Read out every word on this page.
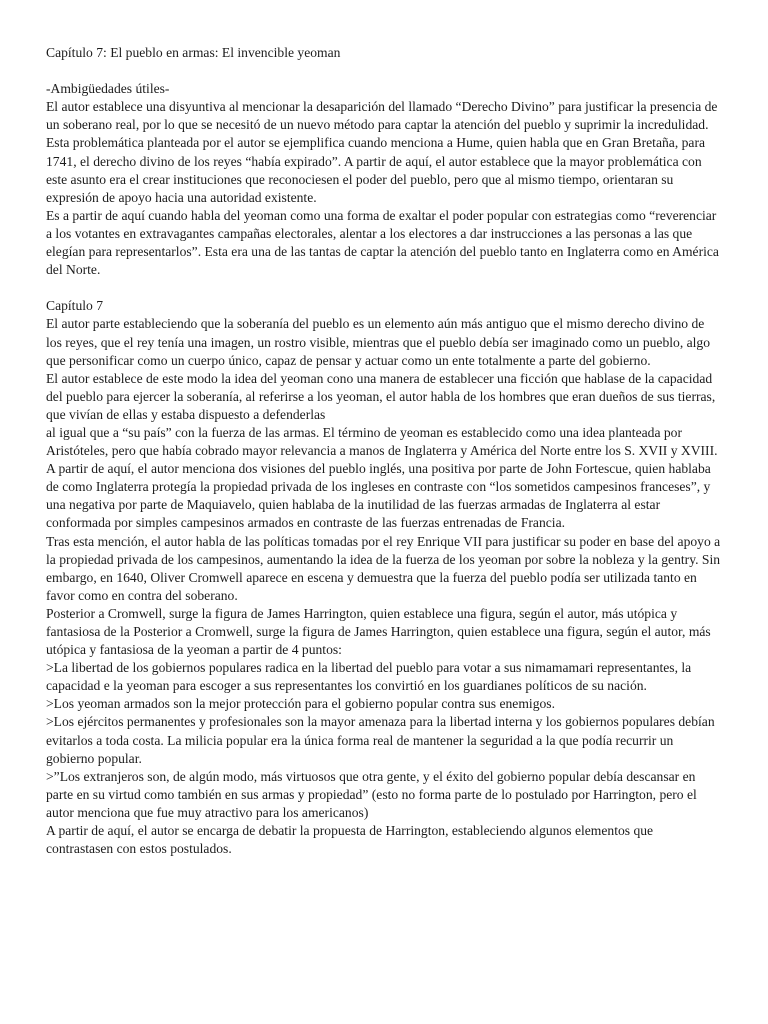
Capítulo 7: El pueblo en armas: El invencible yeoman

-Ambigüedades útiles-

El autor establece una disyuntiva al mencionar la desaparición del llamado “Derecho Divino” para justificar la presencia de un soberano real, por lo que se necesitó de un nuevo método para captar la atención del pueblo y suprimir la incredulidad.

Esta problemática planteada por el autor se ejemplifica cuando menciona a Hume, quien habla que en Gran Bretaña, para 1741, el derecho divino de los reyes “había expirado”. A partir de aquí, el autor establece que la mayor problemática con este asunto era el crear instituciones que reconociesen el poder del pueblo, pero que al mismo tiempo, orientaran su expresión de apoyo hacia una autoridad existente.

Es a partir de aquí cuando habla del yeoman como una forma de exaltar el poder popular con estrategias como “reverenciar a los votantes en extravagantes campañas electorales, alentar a los electores a dar instrucciones a las personas a las que elegían para representarlos”. Esta era una de las tantas de captar la atención del pueblo tanto en Inglaterra como en América del Norte.

Capítulo 7

El autor parte estableciendo que la soberanía del pueblo es un elemento aún más antiguo que el mismo derecho divino de los reyes, que el rey tenía una imagen, un rostro visible, mientras que el pueblo debía ser imaginado como un pueblo, algo que personificar como un cuerpo único, capaz de pensar y actuar como un ente totalmente a parte del gobierno.

El autor establece de este modo la idea del yeoman cono una manera de establecer una ficción que hablase de la capacidad del pueblo para ejercer la soberanía, al referirse a los yeoman, el autor habla de los hombres que eran dueños de sus tierras, que vivían de ellas y estaba dispuesto a defenderlas

al igual que a “su país” con la fuerza de las armas. El término de yeoman es establecido como una idea planteada por Aristóteles, pero que había cobrado mayor relevancia a manos de Inglaterra y América del Norte entre los S. XVII y XVIII.

A partir de aquí, el autor menciona dos visiones del pueblo inglés, una positiva por parte de John Fortescue, quien hablaba de como Inglaterra protegía la propiedad privada de los ingleses en contraste con “los sometidos campesinos franceses”, y una negativa por parte de Maquiavelo, quien hablaba de la inutilidad de las fuerzas armadas de Inglaterra al estar conformada por simples campesinos armados en contraste de las fuerzas entrenadas de Francia.

Tras esta mención, el autor habla de las políticas tomadas por el rey Enrique VII para justificar su poder en base del apoyo a la propiedad privada de los campesinos, aumentando la idea de la fuerza de los yeoman por sobre la nobleza y la gentry. Sin embargo, en 1640, Oliver Cromwell aparece en escena y demuestra que la fuerza del pueblo podía ser utilizada tanto en favor como en contra del soberano.

Posterior a Cromwell, surge la figura de James Harrington, quien establece una figura, según el autor, más utópica y fantasiosa de la Posterior a Cromwell, surge la figura de James Harrington, quien establece una figura, según el autor, más utópica y fantasiosa de la yeoman a partir de 4 puntos:

>La libertad de los gobiernos populares radica en la libertad del pueblo para votar a sus nimamamari representantes, la capacidad e la yeoman para escoger a sus representantes los convirtió en los guardianes políticos de su nación.

>Los yeoman armados son la mejor protección para el gobierno popular contra sus enemigos.

>Los ejércitos permanentes y profesionales son la mayor amenaza para la libertad interna y los gobiernos populares debían evitarlos a toda costa. La milicia popular era la única forma real de mantener la seguridad a la que podía recurrir un gobierno popular.

>”Los extranjeros son, de algún modo, más virtuosos que otra gente, y el éxito del gobierno popular debía descansar en parte en su virtud como también en sus armas y propiedad” (esto no forma parte de lo postulado por Harrington, pero el autor menciona que fue muy atractivo para los americanos)

A partir de aquí, el autor se encarga de debatir la propuesta de Harrington, estableciendo algunos elementos que contrastasen con estos postulados.
